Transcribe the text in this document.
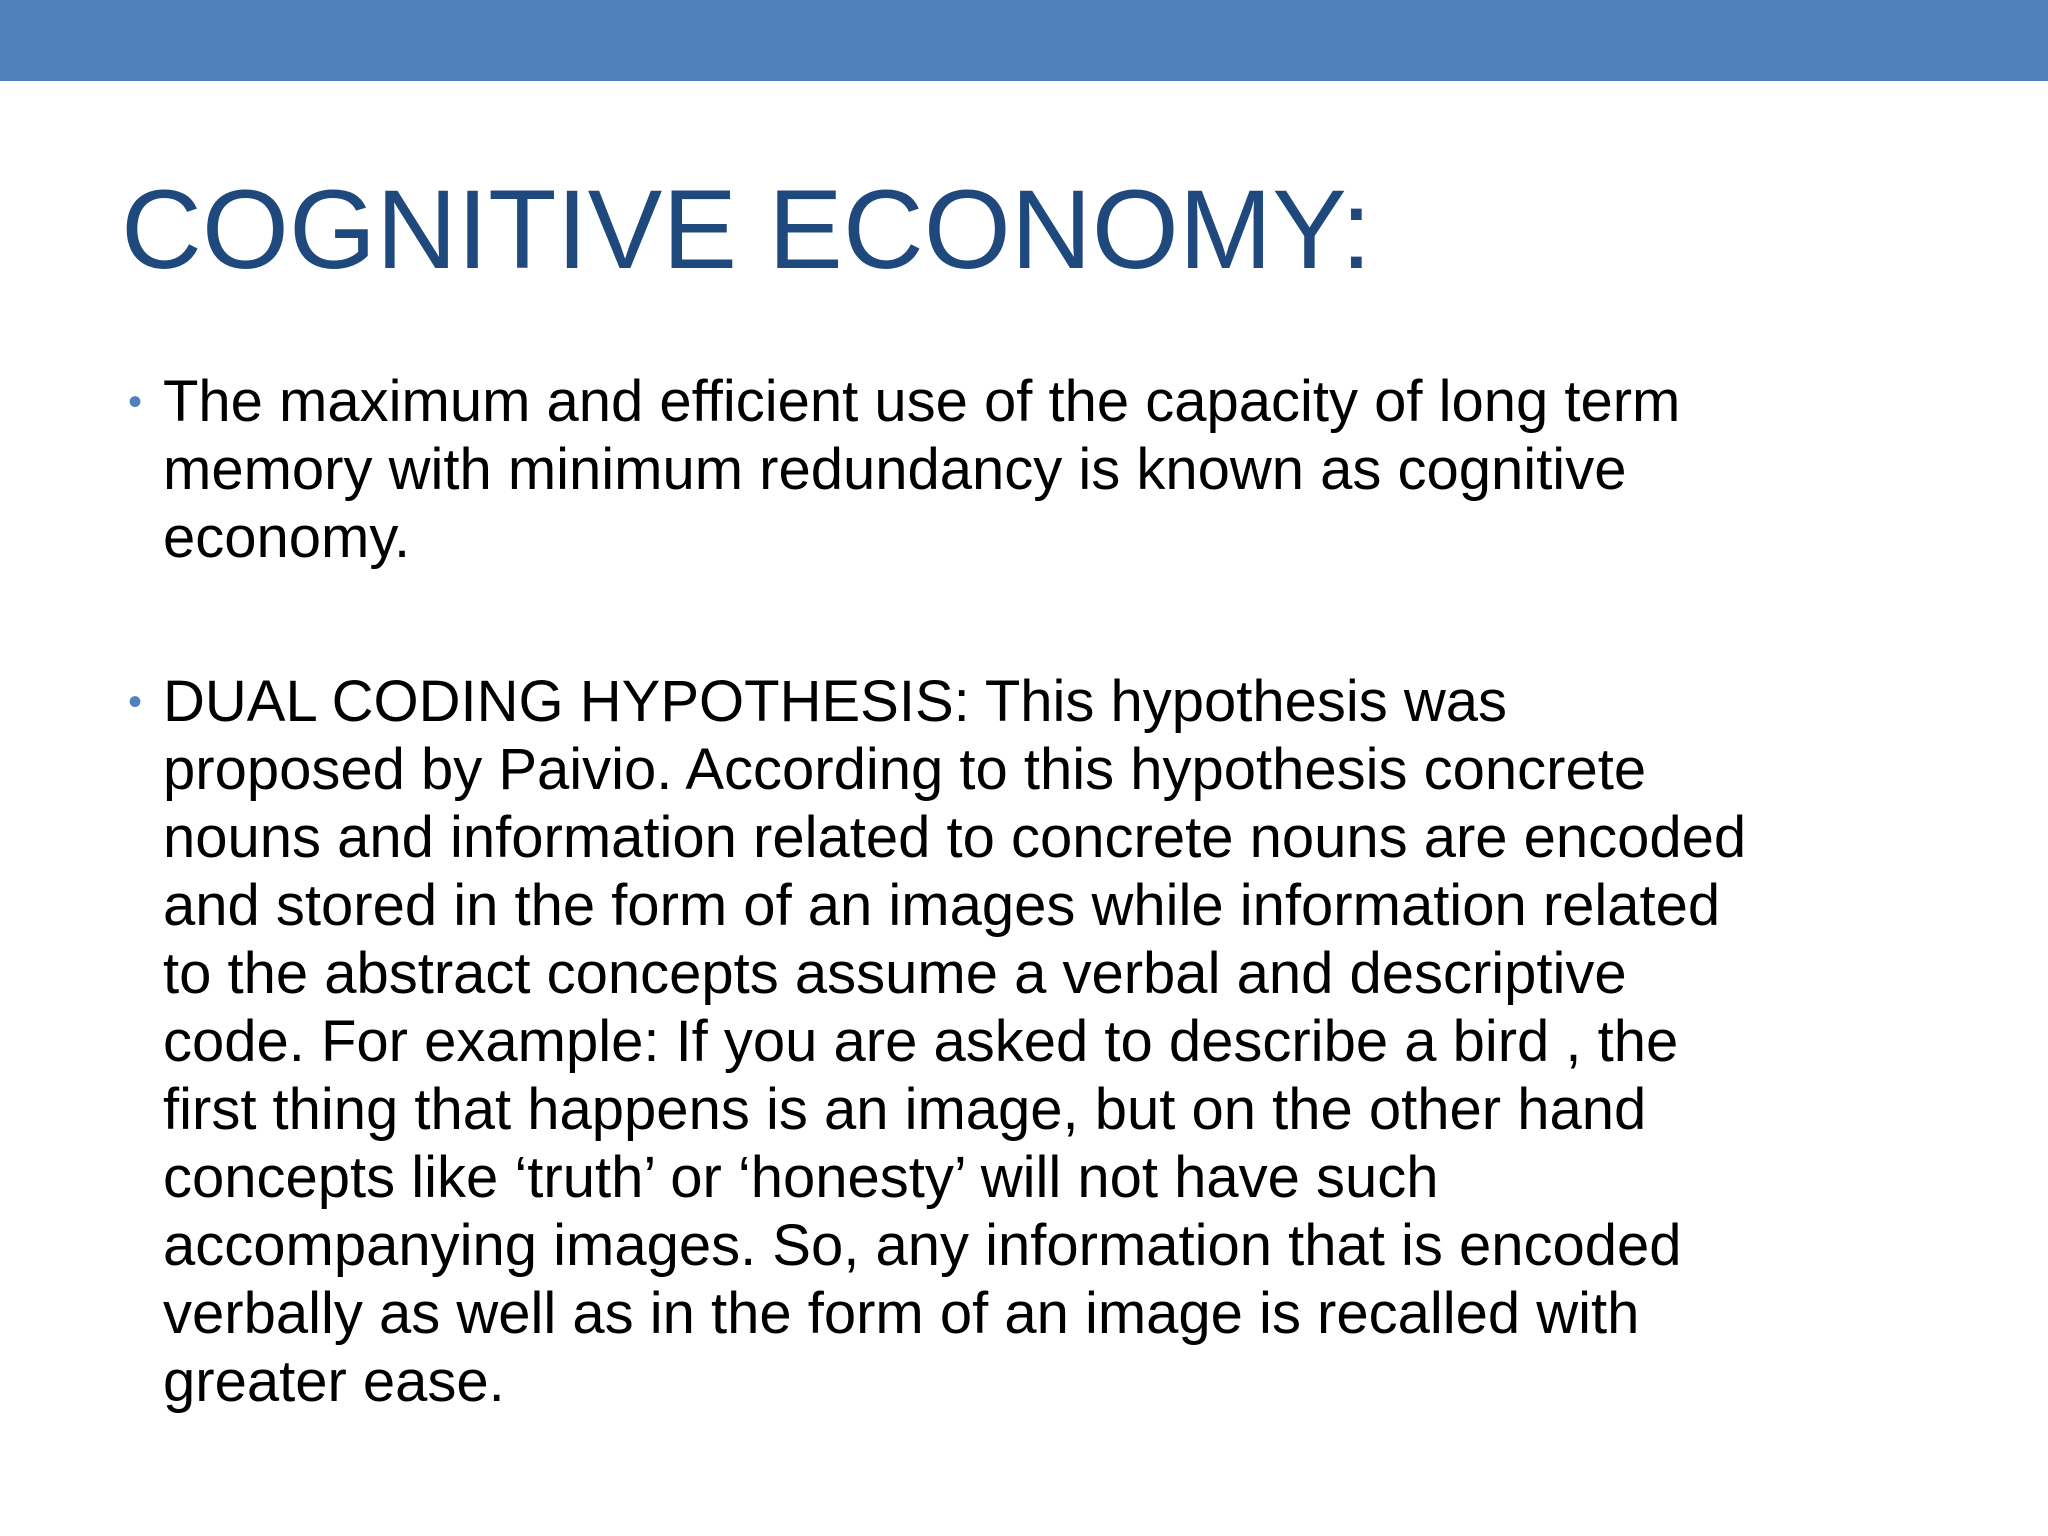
COGNITIVE ECONOMY:
• The maximum and efficient use of the capacity of long term
memory with minimum redundancy is known as cognitive
economy.

• DUAL CODING HYPOTHESIS: This hypothesis was
proposed by Paivio. According to this hypothesis concrete
nouns and information related to concrete nouns are encoded
and stored in the form of an images while information related
to the abstract concepts assume a verbal and descriptive
code. For example: If you are asked to describe a bird , the
first thing that happens is an image, but on the other hand
concepts like ‘truth’ or ‘honesty’ will not have such
accompanying images. So, any information that is encoded
verbally as well as in the form of an image is recalled with
greater ease.
